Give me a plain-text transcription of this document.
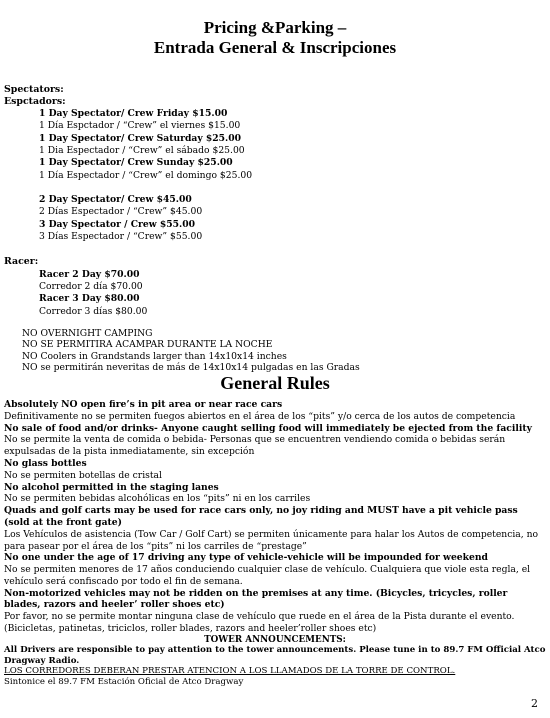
Pricing &Parking –
Entrada General & Inscripciones
Spectators:
Espctadors:
1 Day Spectator/ Crew Friday $15.00
1 Día Espctador / “Crew” el viernes $15.00
1 Day Spectator/ Crew Saturday $25.00
1 Dia Espectador / “Crew” el sábado $25.00
1 Day Spectator/ Crew Sunday $25.00
1 Día Espectador / “Crew” el domingo $25.00
2 Day Spectator/ Crew $45.00
2 Días Espectador / “Crew” $45.00
3 Day Spectator / Crew $55.00
3 Días Espectador / “Crew” $55.00
Racer:
Racer 2 Day $70.00
Corredor 2 día $70.00
Racer 3 Day $80.00
Corredor 3 días $80.00
NO OVERNIGHT CAMPING
NO SE PERMITIRA ACAMPAR DURANTE LA NOCHE
NO Coolers in Grandstands larger than 14x10x14 inches
NO se permitirán neveritas de más de 14x10x14 pulgadas en las Gradas
General Rules
Absolutely NO open fire’s in pit area or near race cars
Definitivamente no se permiten fuegos abiertos en el área de los “pits” y/o cerca de los autos de competencia
No sale of food and/or drinks- Anyone caught selling food will immediately be ejected from the facility
No se permite la venta de comida o bebida- Personas que se encuentren vendiendo comida o bebidas serán expulsadas de la pista inmediatamente, sin excepción
No glass bottles
No se permiten botellas de cristal
No alcohol permitted in the staging lanes
No se permiten bebidas alcohólicas en los “pits” ni en los carriles
Quads and golf carts may be used for race cars only, no joy riding and MUST have a pit vehicle pass (sold at the front gate)
Los Vehículos de asistencia (Tow Car / Golf Cart) se permiten únicamente para halar los Autos de competencia, no para pasear por el área de los “pits” ni los carriles de “prestage”
No one under the age of 17 driving any type of vehicle-vehicle will be impounded for weekend
No se permiten menores de 17 años conduciendo cualquier clase de vehículo. Cualquiera que viole esta regla, el vehículo será confiscado por todo el fin de semana.
Non-motorized vehicles may not be ridden on the premises at any time. (Bicycles, tricycles, roller blades, razors and heeler’ roller shoes etc)
Por favor, no se permite montar ninguna clase de vehículo que ruede en el área de la Pista durante el evento. (Bicicletas, patinetas, triciclos, roller blades, razors and heeler’roller shoes etc)
TOWER ANNOUNCEMENTS:
All Drivers are responsible to pay attention to the tower announcements. Please tune in to 89.7 FM Official Atco Dragway Radio.
LOS CORREDORES DEBERAN PRESTAR ATENCION A LOS LLAMADOS DE LA TORRE DE CONTROL.
Sintonice el 89.7 FM Estación Oficial de Atco Dragway
2
